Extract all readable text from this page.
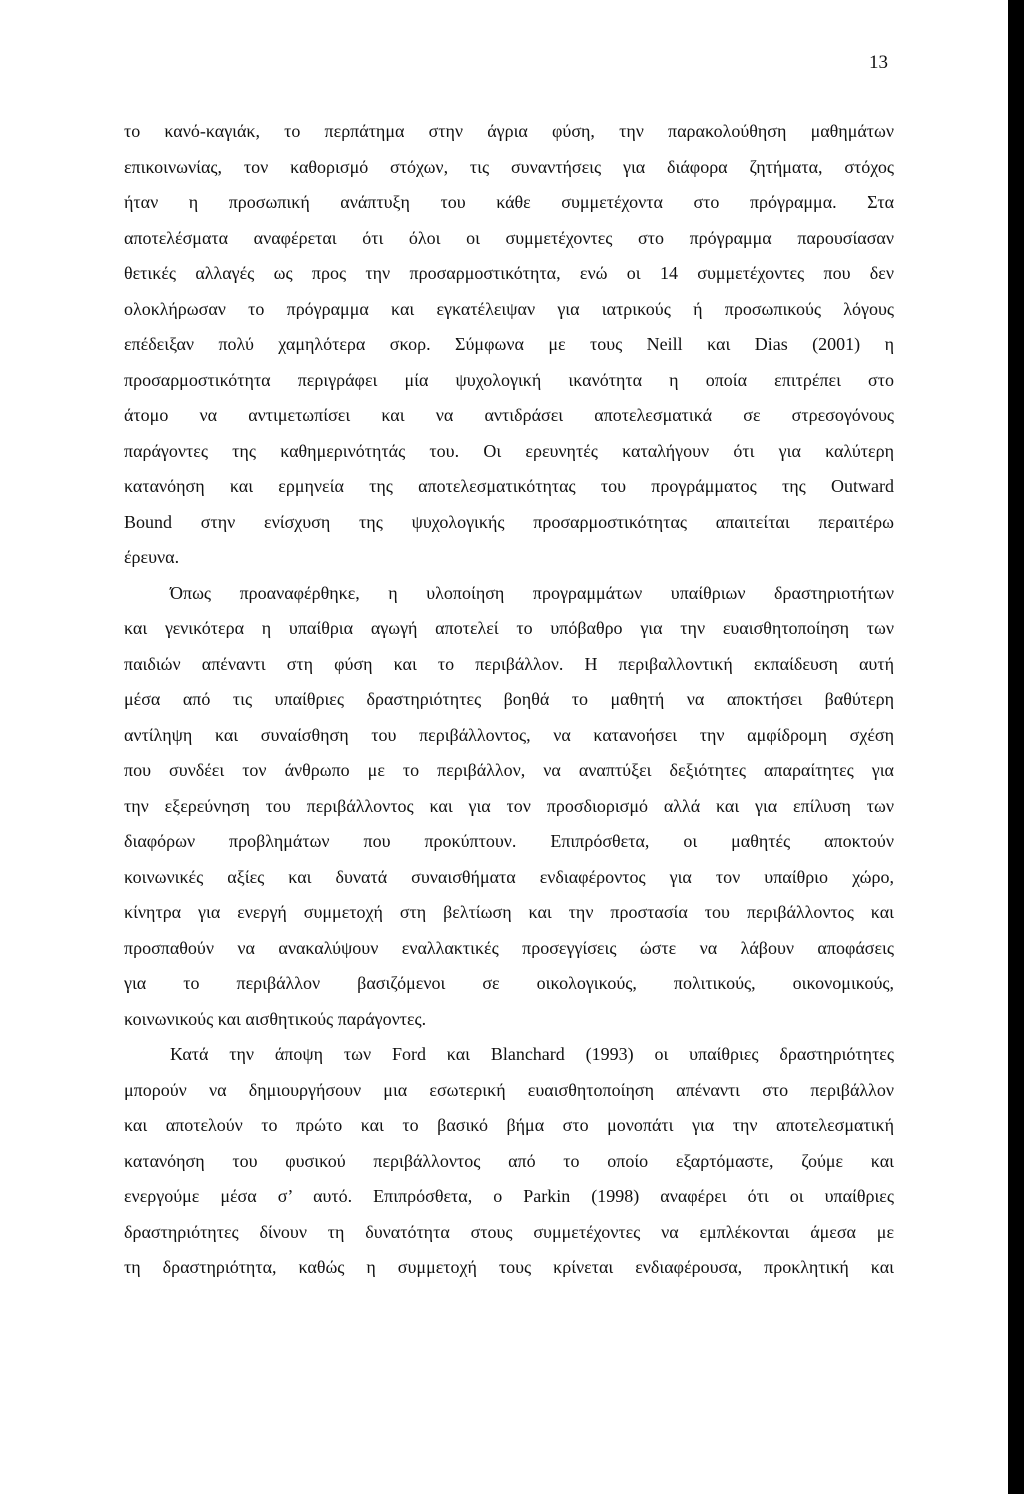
13
το κανό-καγιάκ, το περπάτημα στην άγρια φύση, την παρακολούθηση μαθημάτων
επικοινωνίας, τον καθορισμό στόχων, τις συναντήσεις για διάφορα ζητήματα, στόχος
ήταν η προσωπική ανάπτυξη του κάθε συμμετέχοντα στο πρόγραμμα. Στα
αποτελέσματα αναφέρεται ότι όλοι οι συμμετέχοντες στο πρόγραμμα παρουσίασαν
θετικές αλλαγές ως προς την προσαρμοστικότητα, ενώ οι 14 συμμετέχοντες που δεν
ολοκλήρωσαν το πρόγραμμα και εγκατέλειψαν για ιατρικούς ή προσωπικούς λόγους
επέδειξαν πολύ χαμηλότερα σκορ. Σύμφωνα με τους Neill και Dias (2001) η
προσαρμοστικότητα περιγράφει μία ψυχολογική ικανότητα η οποία επιτρέπει στο
άτομο να αντιμετωπίσει και να αντιδράσει αποτελεσματικά σε στρεσογόνους
παράγοντες της καθημερινότητάς του. Οι ερευνητές καταλήγουν ότι για καλύτερη
κατανόηση και ερμηνεία της αποτελεσματικότητας του προγράμματος της Outward
Bound στην ενίσχυση της ψυχολογικής προσαρμοστικότητας απαιτείται περαιτέρω
έρευνα.
Όπως προαναφέρθηκε, η υλοποίηση προγραμμάτων υπαίθριων δραστηριοτήτων
και γενικότερα η υπαίθρια αγωγή αποτελεί το υπόβαθρο για την ευαισθητοποίηση των
παιδιών απέναντι στη φύση και το περιβάλλον. Η περιβαλλοντική εκπαίδευση αυτή
μέσα από τις υπαίθριες δραστηριότητες βοηθά το μαθητή να αποκτήσει βαθύτερη
αντίληψη και συναίσθηση του περιβάλλοντος, να κατανοήσει την αμφίδρομη σχέση
που συνδέει τον άνθρωπο με το περιβάλλον, να αναπτύξει δεξιότητες απαραίτητες για
την εξερεύνηση του περιβάλλοντος και για τον προσδιορισμό αλλά και για επίλυση των
διαφόρων προβλημάτων που προκύπτουν. Επιπρόσθετα, οι μαθητές αποκτούν
κοινωνικές αξίες και δυνατά συναισθήματα ενδιαφέροντος για τον υπαίθριο χώρο,
κίνητρα για ενεργή συμμετοχή στη βελτίωση και την προστασία του περιβάλλοντος και
προσπαθούν να ανακαλύψουν εναλλακτικές προσεγγίσεις ώστε να λάβουν αποφάσεις
για το περιβάλλον βασιζόμενοι σε οικολογικούς, πολιτικούς, οικονομικούς,
κοινωνικούς και αισθητικούς παράγοντες.
Κατά την άποψη των Ford και Blanchard (1993) οι υπαίθριες δραστηριότητες
μπορούν να δημιουργήσουν μια εσωτερική ευαισθητοποίηση απέναντι στο περιβάλλον
και αποτελούν το πρώτο και το βασικό βήμα στο μονοπάτι για την αποτελεσματική
κατανόηση του φυσικού περιβάλλοντος από το οποίο εξαρτόμαστε, ζούμε και
ενεργούμε μέσα σ’ αυτό. Επιπρόσθετα, ο Parkin (1998) αναφέρει ότι οι υπαίθριες
δραστηριότητες δίνουν τη δυνατότητα στους συμμετέχοντες να εμπλέκονται άμεσα με
τη δραστηριότητα, καθώς η συμμετοχή τους κρίνεται ενδιαφέρουσα, προκλητική και
